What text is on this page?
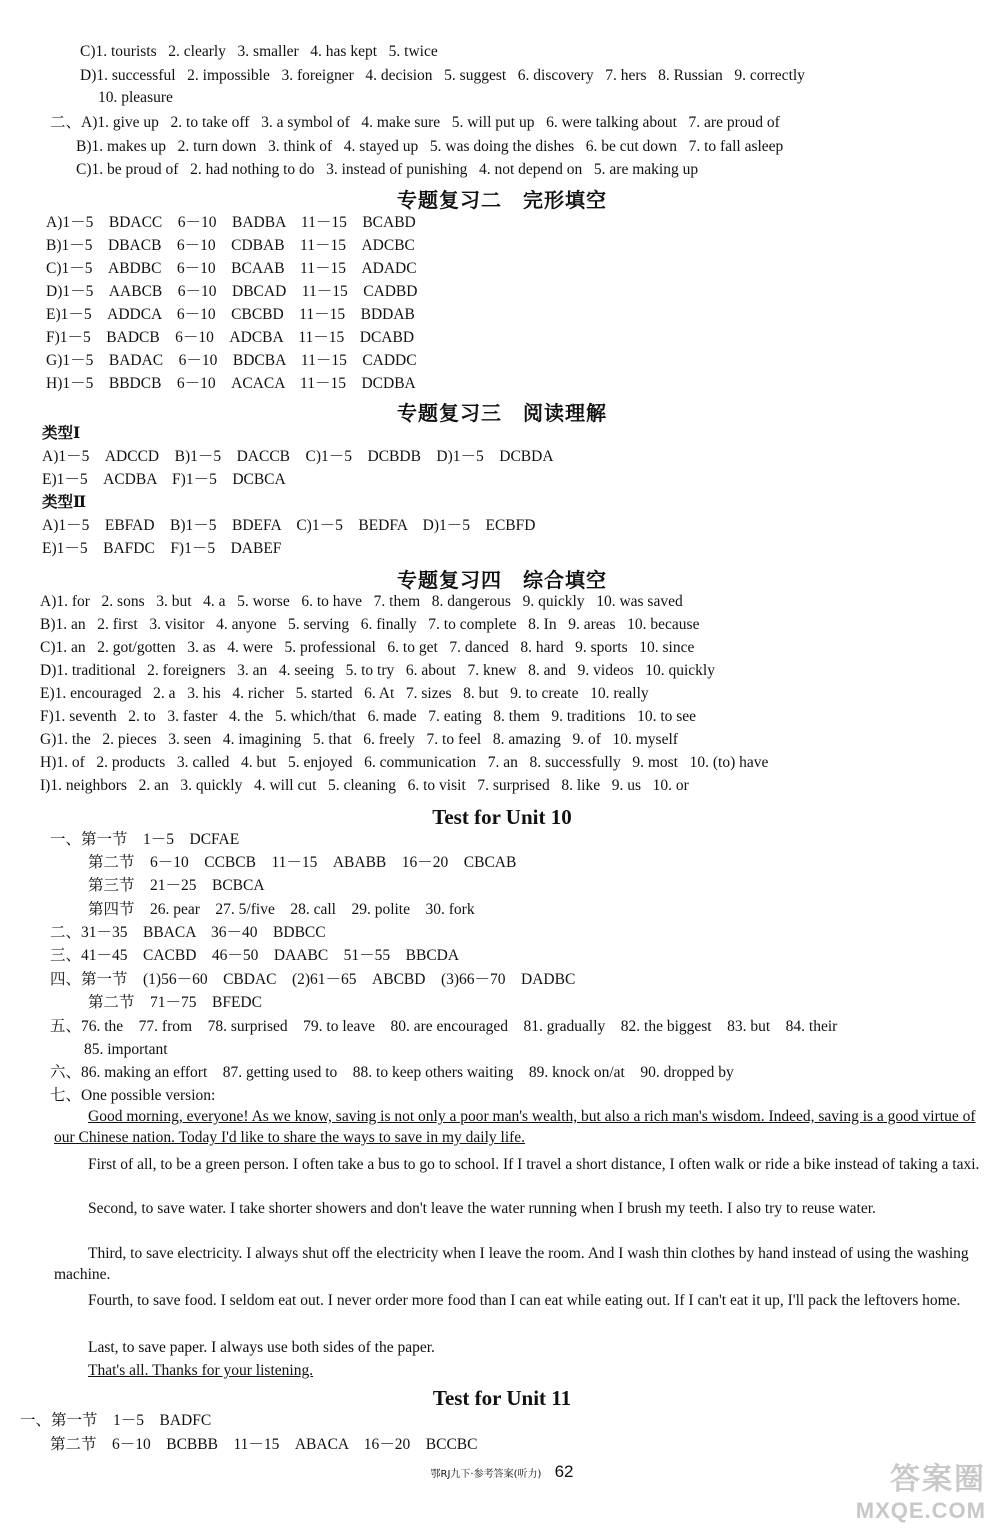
C)1. tourists   2. clearly   3. smaller   4. has kept   5. twice
D)1. successful   2. impossible   3. foreigner   4. decision   5. suggest   6. discovery   7. hers   8. Russian   9. correctly
10. pleasure
二、A)1. give up   2. to take off   3. a symbol of   4. make sure   5. will put up   6. were talking about   7. are proud of
B)1. makes up   2. turn down   3. think of   4. stayed up   5. was doing the dishes   6. be cut down   7. to fall asleep
C)1. be proud of   2. had nothing to do   3. instead of punishing   4. not depend on   5. are making up
专题复习二　完形填空
A)1－5　BDACC　6－10　BADBA　11－15　BCABD
B)1－5　DBACB　6－10　CDBAB　11－15　ADCBC
C)1－5　ABDBC　6－10　BCAAB　11－15　ADADC
D)1－5　AABCB　6－10　DBCAD　11－15　CADBD
E)1－5　ADDCA　6－10　CBCBD　11－15　BDDAB
F)1－5　BADCB　6－10　ADCBA　11－15　DCABD
G)1－5　BADAC　6－10　BDCBA　11－15　CADDC
H)1－5　BBDCB　6－10　ACACA　11－15　DCDBA
专题复习三　阅读理解
类型Ⅰ
A)1－5　ADCCD　B)1－5　DACCB　C)1－5　DCBDB　D)1－5　DCBDA
E)1－5　ACDBA　F)1－5　DCBCA
类型Ⅱ
A)1－5　EBFAD　B)1－5　BDEFA　C)1－5　BEDFA　D)1－5　ECBFD
E)1－5　BAFDC　F)1－5　DABEF
专题复习四　综合填空
A)1. for   2. sons   3. but   4. a   5. worse   6. to have   7. them   8. dangerous   9. quickly   10. was saved
B)1. an   2. first   3. visitor   4. anyone   5. serving   6. finally   7. to complete   8. In   9. areas   10. because
C)1. an   2. got/gotten   3. as   4. were   5. professional   6. to get   7. danced   8. hard   9. sports   10. since
D)1. traditional   2. foreigners   3. an   4. seeing   5. to try   6. about   7. knew   8. and   9. videos   10. quickly
E)1. encouraged   2. a   3. his   4. richer   5. started   6. At   7. sizes   8. but   9. to create   10. really
F)1. seventh   2. to   3. faster   4. the   5. which/that   6. made   7. eating   8. them   9. traditions   10. to see
G)1. the   2. pieces   3. seen   4. imagining   5. that   6. freely   7. to feel   8. amazing   9. of   10. myself
H)1. of   2. products   3. called   4. but   5. enjoyed   6. communication   7. an   8. successfully   9. most   10. (to) have
I)1. neighbors   2. an   3. quickly   4. will cut   5. cleaning   6. to visit   7. surprised   8. like   9. us   10. or
Test for Unit 10
一、第一节　1－5　DCFAE
第二节　6－10　CCBCB　11－15　ABABB　16－20　CBCAB
第三节　21－25　BCBCA
第四节　26. pear　27. 5/five　28. call　29. polite　30. fork
二、31－35　BBACA　36－40　BDBCC
三、41－45　CACBD　46－50　DAABC　51－55　BBCDA
四、第一节　(1)56－60　CBDAC　(2)61－65　ABCBD　(3)66－70　DADBC
第二节　71－75　BFEDC
五、76. the　77. from　78. surprised　79. to leave　80. are encouraged　81. gradually　82. the biggest　83. but　84. their
85. important
六、86. making an effort　87. getting used to　88. to keep others waiting　89. knock on/at　90. dropped by
七、One possible version:
Good morning, everyone! As we know, saving is not only a poor man's wealth, but also a rich man's wisdom. Indeed, saving is a good virtue of our Chinese nation. Today I'd like to share the ways to save in my daily life.
First of all, to be a green person. I often take a bus to go to school. If I travel a short distance, I often walk or ride a bike instead of taking a taxi.
Second, to save water. I take shorter showers and don't leave the water running when I brush my teeth. I also try to reuse water.
Third, to save electricity. I always shut off the electricity when I leave the room. And I wash thin clothes by hand instead of using the washing machine.
Fourth, to save food. I seldom eat out. I never order more food than I can eat while eating out. If I can't eat it up, I'll pack the leftovers home.
Last, to save paper. I always use both sides of the paper.
That's all. Thanks for your listening.
Test for Unit 11
一、第一节　1－5　BADFC
第二节　6－10　BCBBB　11－15　ABACA　16－20　BCCBC
鄂RJ九下·参考答案(听力) 62	答案圈
MXQE.COM
